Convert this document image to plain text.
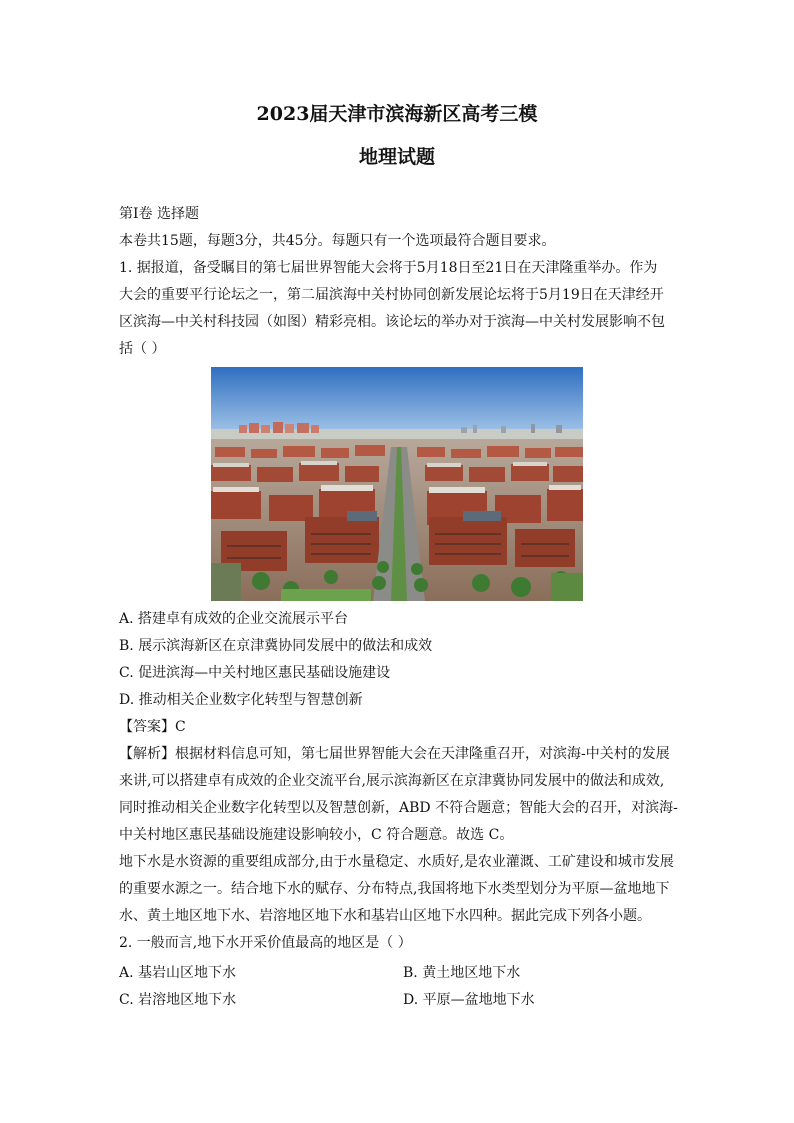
2023届天津市滨海新区高考三模
地理试题
第Ⅰ卷 选择题
本卷共15题，每题3分，共45分。每题只有一个选项最符合题目要求。
1. 据报道，备受瞩目的第七届世界智能大会将于5月18日至21日在天津隆重举办。作为
大会的重要平行论坛之一，第二届滨海中关村协同创新发展论坛将于5月19日在天津经开
区滨海—中关村科技园（如图）精彩亮相。该论坛的举办对于滨海—中关村发展影响不包
括（ ）
A. 搭建卓有成效的企业交流展示平台
B. 展示滨海新区在京津冀协同发展中的做法和成效
C. 促进滨海—中关村地区惠民基础设施建设
D. 推动相关企业数字化转型与智慧创新
【答案】C
【解析】根据材料信息可知，第七届世界智能大会在天津隆重召开，对滨海-中关村的发展
来讲,可以搭建卓有成效的企业交流平台,展示滨海新区在京津冀协同发展中的做法和成效,
同时推动相关企业数字化转型以及智慧创新，ABD 不符合题意；智能大会的召开，对滨海-
中关村地区惠民基础设施建设影响较小，C 符合题意。故选 C。
地下水是水资源的重要组成部分,由于水量稳定、水质好,是农业灌溉、工矿建设和城市发展
的重要水源之一。结合地下水的赋存、分布特点,我国将地下水类型划分为平原—盆地地下
水、黄土地区地下水、岩溶地区地下水和基岩山区地下水四种。据此完成下列各小题。
2. 一般而言,地下水开采价值最高的地区是（ ）
A. 基岩山区地下水	B. 黄土地区地下水
C. 岩溶地区地下水	D. 平原—盆地地下水
